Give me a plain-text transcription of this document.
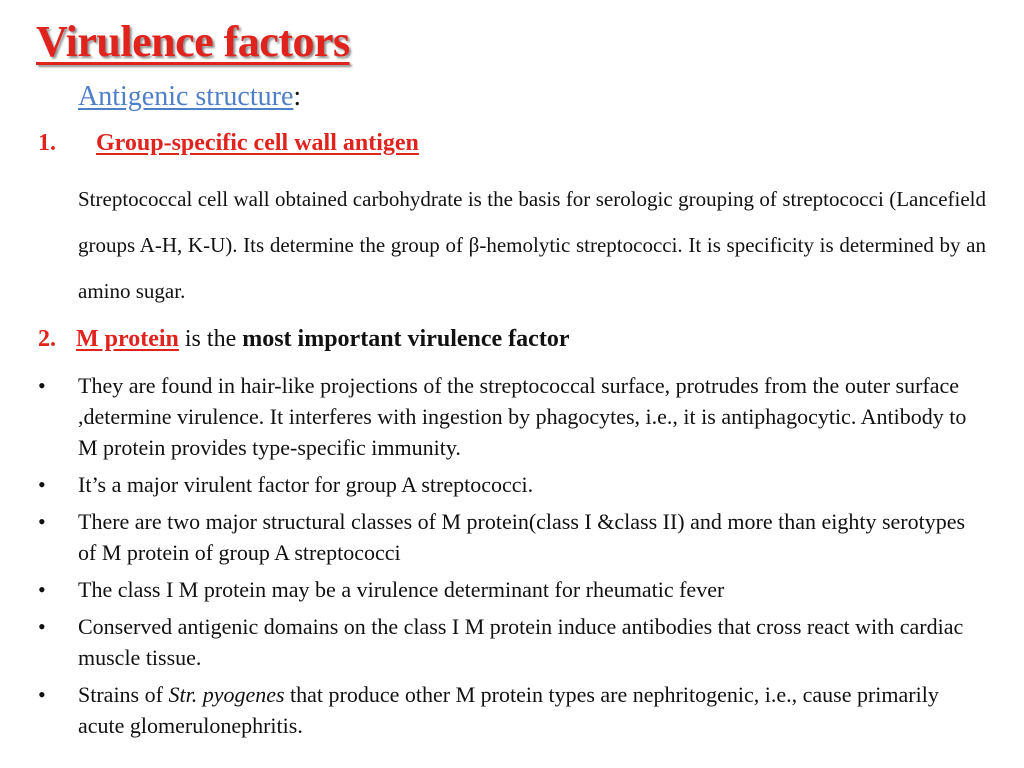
Virulence factors
Antigenic structure:
1. Group-specific cell wall antigen

Streptococcal cell wall obtained carbohydrate is the basis for serologic grouping of streptococci (Lancefield groups A-H, K-U). Its determine the group of β-hemolytic streptococci. It is specificity is determined by an amino sugar.

2. M protein is the most important virulence factor
• They are found in hair-like projections of the streptococcal surface, protrudes from the outer surface ,determine virulence. It interferes with ingestion by phagocytes, i.e., it is antiphagocytic. Antibody to M protein provides type-specific immunity.
• It’s a major virulent factor for group A streptococci.
• There are two major structural classes of M protein(class I &class II) and more than eighty serotypes of M protein of group A streptococci
• The class I M protein may be a virulence determinant for rheumatic fever
• Conserved antigenic domains on the class I M protein induce antibodies that cross react with cardiac muscle tissue.
• Strains of Str. pyogenes that produce other M protein types are nephritogenic, i.e., cause primarily acute glomerulonephritis.
